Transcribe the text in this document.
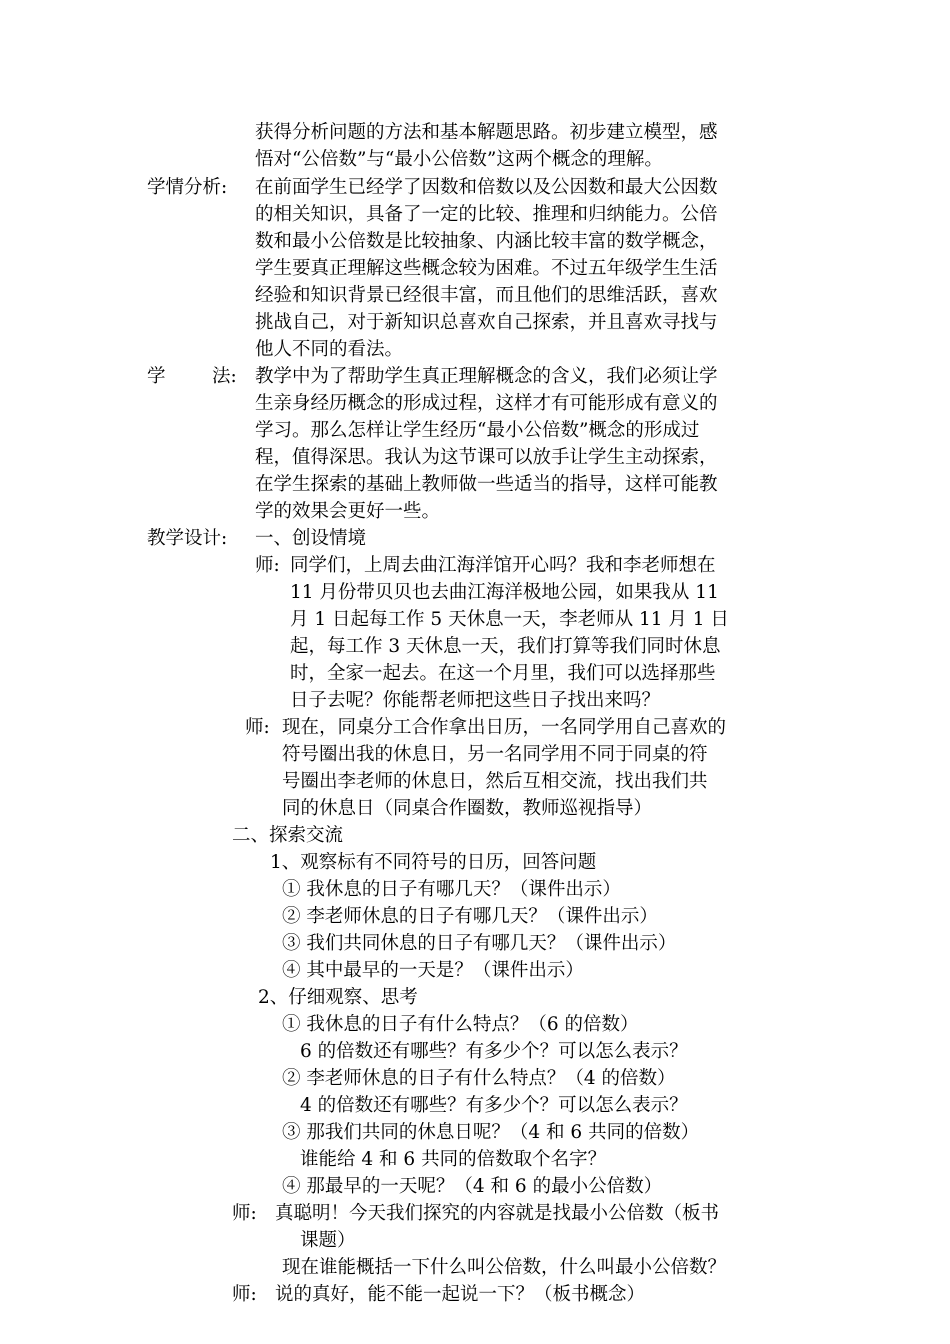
获得分析问题的方法和基本解题思路。初步建立模型，感
悟对“公倍数”与“最小公倍数”这两个概念的理解。
学情分析: 在前面学生已经学了因数和倍数以及公因数和最大公因数
的相关知识，具备了一定的比较、推理和归纳能力。公倍
数和最小公倍数是比较抽象、内涵比较丰富的数学概念，
学生要真正理解这些概念较为困难。不过五年级学生生活
经验和知识背景已经很丰富，而且他们的思维活跃，喜欢
挑战自己，对于新知识总喜欢自己探索，并且喜欢寻找与
他人不同的看法。
学	法: 教学中为了帮助学生真正理解概念的含义，我们必须让学
生亲身经历概念的形成过程，这样才有可能形成有意义的
学习。那么怎样让学生经历“最小公倍数”概念的形成过
程，值得深思。我认为这节课可以放手让学生主动探索，
在学生探索的基础上教师做一些适当的指导，这样可能教
学的效果会更好一些。
教学设计: 一、创设情境
师: 同学们，上周去曲江海洋馆开心吗？我和李老师想在
11 月份带贝贝也去曲江海洋极地公园，如果我从 11
月 1 日起每工作 5 天休息一天，李老师从 11 月 1 日
起，每工作 3 天休息一天，我们打算等我们同时休息
时，全家一起去。在这一个月里，我们可以选择那些
日子去呢？你能帮老师把这些日子找出来吗？
师: 现在，同桌分工合作拿出日历，一名同学用自己喜欢的
符号圈出我的休息日，另一名同学用不同于同桌的符
号圈出李老师的休息日，然后互相交流，找出我们共
同的休息日（同桌合作圈数，教师巡视指导）
二、探索交流
1、观察标有不同符号的日历，回答问题
① 我休息的日子有哪几天？（课件出示）
② 李老师休息的日子有哪几天？（课件出示）
③ 我们共同休息的日子有哪几天？（课件出示）
④ 其中最早的一天是？（课件出示）
2、仔细观察、思考
① 我休息的日子有什么特点？（6 的倍数）
6 的倍数还有哪些？有多少个？可以怎么表示？
② 李老师休息的日子有什么特点？（4 的倍数）
4 的倍数还有哪些？有多少个？可以怎么表示？
③ 那我们共同的休息日呢？（4 和 6 共同的倍数）
谁能给 4 和 6 共同的倍数取个名字？
④ 那最早的一天呢？（4 和 6 的最小公倍数）
师: 真聪明！今天我们探究的内容就是找最小公倍数（板书
课题）
现在谁能概括一下什么叫公倍数，什么叫最小公倍数？
师: 说的真好，能不能一起说一下？（板书概念）
